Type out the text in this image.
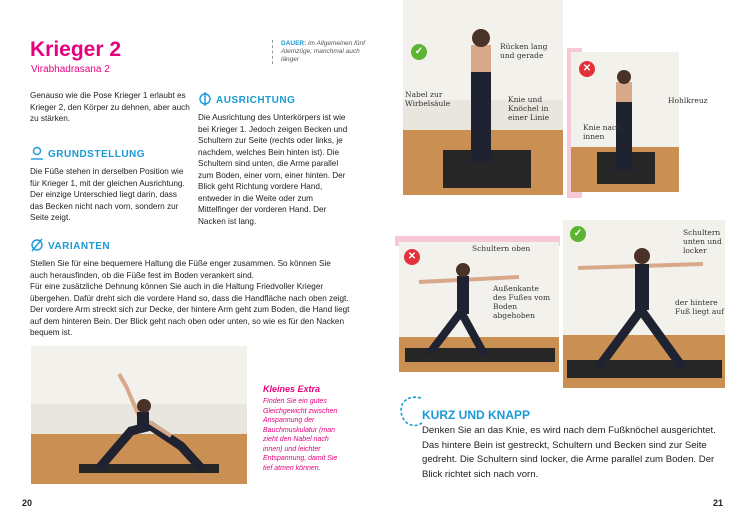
Krieger 2
Virabhadrasana 2
DAUER: im Allgemeinen fünf Atemzüge, manchmal auch länger
Genauso wie die Pose Krieger 1 erlaubt es Krieger 2, den Körper zu dehnen, aber auch zu stärken.
GRUNDSTELLUNG

Die Füße stehen in derselben Position wie für Krieger 1, mit der gleichen Ausrichtung. Der einzige Unterschied liegt darin, dass das Becken nicht nach vorn, sondern zur Seite zeigt.

AUSRICHTUNG

Die Ausrichtung des Unterkörpers ist wie bei Krieger 1. Jedoch zeigen Becken und Schultern zur Seite (rechts oder links, je nachdem, welches Bein hinten ist). Die Schultern sind unten, die Arme parallel zum Boden, einer vorn, einer hinten. Der Blick geht Richtung vordere Hand, entweder in die Weite oder zum Mittelfinger der vorderen Hand. Der Nacken ist lang.

VARIANTEN

Stellen Sie für eine bequemere Haltung die Füße enger zusammen. So können Sie auch herausfinden, ob die Füße fest im Boden verankert sind.

Für eine zusätzliche Dehnung können Sie auch in die Haltung Friedvoller Krieger übergehen. Dafür dreht sich die vordere Hand so, dass die Handfläche nach oben zeigt. Der vordere Arm streckt sich zur Decke, der hintere Arm geht zum Boden, die Hand liegt auf dem hinteren Bein. Der Blick geht nach oben oder unten, so wie es für den Nacken bequem ist.

Kleines Extra
Finden Sie ein gutes Gleichgewicht zwischen Anspannung der Bauchmuskulatur (man zieht den Nabel nach innen) und leichter Entspannung, damit Sie tief atmen können.
20
✓	Rücken lang und gerade
Nabel zur Wirbelsäule	Knie und Knöchel in einer Linie
✕
Hohlkreuz
Knie nach innen
✕
Schultern oben
Außenkante des Fußes vom Boden abgehoben
✓	Schultern unten und locker
der hintere Fuß liegt auf
KURZ UND KNAPP
Denken Sie an das Knie, es wird nach dem Fußknöchel ausgerichtet. Das hintere Bein ist gestreckt, Schultern und Becken sind zur Seite gedreht. Die Schultern sind locker, die Arme parallel zum Boden. Der Blick richtet sich nach vorn.
21
